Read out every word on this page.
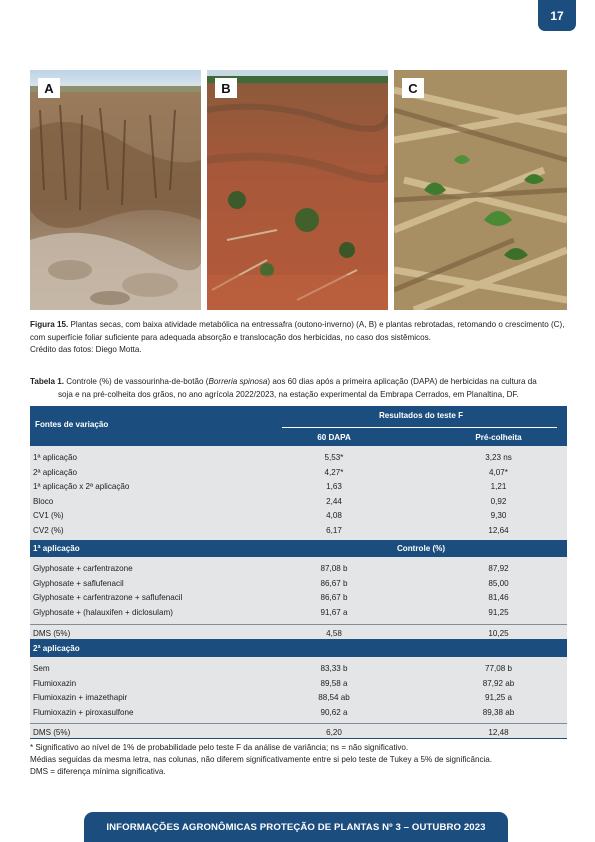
17
A	B	C
Figura 15. Plantas secas, com baixa atividade metabólica na entressafra (outono-inverno) (A, B) e plantas rebrotadas, retomando o crescimento (C), com superfície foliar suficiente para adequada absorção e translocação dos herbicidas, no caso dos sistêmicos.
Crédito das fotos: Diego Motta.
Tabela 1. Controle (%) de vassourinha-de-botão (Borreria spinosa) aos 60 dias após a primeira aplicação (DAPA) de herbicidas na cultura da
soja e na pré-colheita dos grãos, no ano agrícola 2022/2023, na estação experimental da Embrapa Cerrados, em Planaltina, DF.
Fontes de variação
Resultados do teste F
60 DAPA	Pré-colheita
1ª aplicação	5,53*	3,23 ns
2ª aplicação	4,27*	4,07*
1ª aplicação x 2ª aplicação	1,63	1,21
Bloco	2,44	0,92
CV1 (%)	4,08	9,30
CV2 (%)	6,17	12,64
1ª aplicação	Controle (%)
Glyphosate + carfentrazone	87,08 b	87,92
Glyphosate + saflufenacil	86,67 b	85,00
Glyphosate + carfentrazone + saflufenacil	86,67 b	81,46
Glyphosate + (halauxifen + diclosulam)	91,67 a	91,25
DMS (5%)	4,58	10,25
2ª aplicação
Sem	83,33 b	77,08 b
Flumioxazin	89,58 a	87,92 ab
Flumioxazin + imazethapir	88,54 ab	91,25 a
Flumioxazin + piroxasulfone	90,62 a	89,38 ab
DMS (5%)	6,20	12,48
* Significativo ao nível de 1% de probabilidade pelo teste F da análise de variância; ns = não significativo.
Médias seguidas da mesma letra, nas colunas, não diferem significativamente entre si pelo teste de Tukey a 5% de significância.
DMS = diferença mínima significativa.
INFORMAÇÕES AGRONÔMICAS PROTEÇÃO DE PLANTAS Nº 3 – OUTUBRO 2023
